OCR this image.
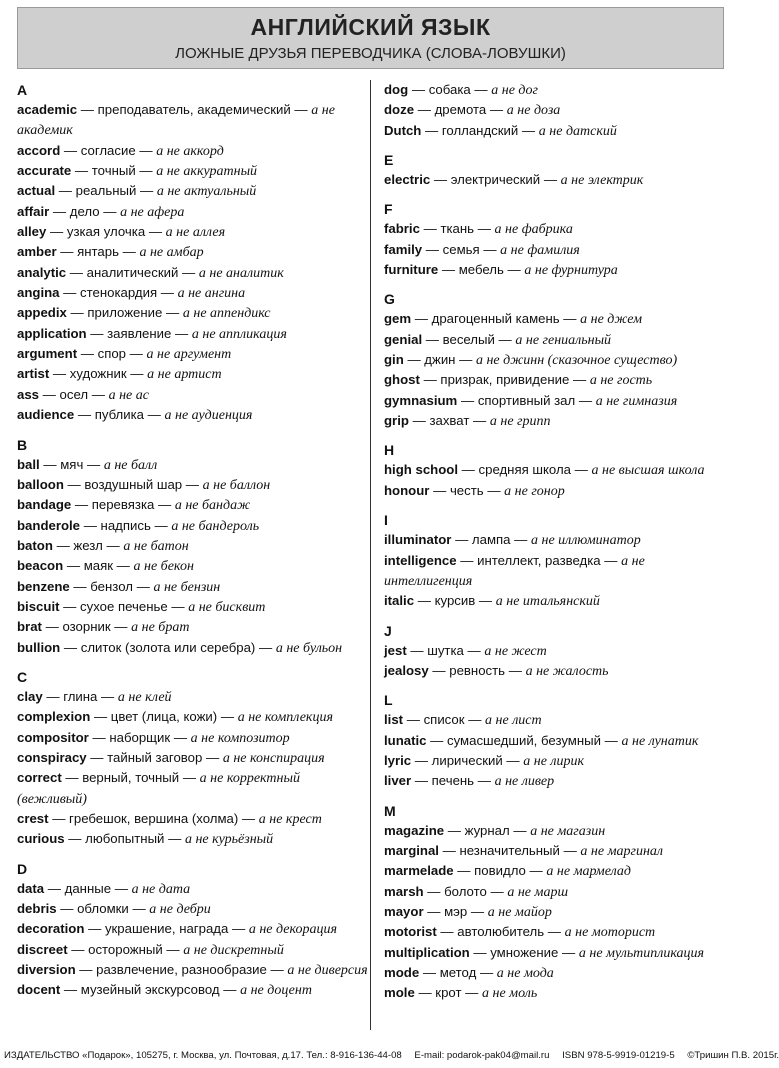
АНГЛИЙСКИЙ ЯЗЫК
ЛОЖНЫЕ ДРУЗЬЯ ПЕРЕВОДЧИКА (СЛОВА-ЛОВУШКИ)
A
academic — преподаватель, академический — а не академик
accord — согласие — а не аккорд
accurate — точный — а не аккуратный
actual — реальный — а не актуальный
affair — дело — а не афера
alley — узкая улочка — а не аллея
amber — янтарь — а не амбар
analytic — аналитический — а не аналитик
angina — стенокардия — а не ангина
appedix — приложение — а не аппендикс
application — заявление — а не аппликация
argument — спор — а не аргумент
artist — художник — а не артист
ass — осел — а не ас
audience — публика — а не аудиенция
B
ball — мяч — а не балл
balloon — воздушный шар — а не баллон
bandage — перевязка — а не бандаж
banderole — надпись — а не бандероль
baton — жезл — а не батон
beacon — маяк — а не бекон
benzene — бензол — а не бензин
biscuit — сухое печенье — а не бисквит
brat — озорник — а не брат
bullion — слиток (золота или серебра) — а не бульон
C
clay — глина — а не клей
complexion — цвет (лица, кожи) — а не комплекция
compositor — наборщик — а не композитор
conspiracy — тайный заговор — а не конспирация
correct — верный, точный — а не корректный (вежливый)
crest — гребешок, вершина (холма) — а не крест
curious — любопытный — а не курьёзный
D
data — данные — а не дата
debris — обломки — а не дебри
decoration — украшение, награда — а не декорация
discreet — осторожный — а не дискретный
diversion — развлечение, разнообразие — а не диверсия
docent — музейный экскурсовод — а не доцент
dog — собака — а не дог
doze — дремота — а не доза
Dutch — голландский — а не датский
E
electric — электрический — а не электрик
F
fabric — ткань — а не фабрика
family — семья — а не фамилия
furniture — мебель — а не фурнитура
G
gem — драгоценный камень — а не джем
genial — веселый — а не гениальный
gin — джин — а не джинн (сказочное существо)
ghost — призрак, привидение — а не гость
gymnasium — спортивный зал — а не гимназия
grip — захват — а не грипп
H
high school — средняя школа — а не высшая школа
honour — честь — а не гонор
I
illuminator — лампа — а не иллюминатор
intelligence — интеллект, разведка — а не интеллигенция
italic — курсив — а не итальянский
J
jest — шутка — а не жест
jealosy — ревность — а не жалость
L
list — список — а не лист
lunatic — сумасшедший, безумный — а не лунатик
lyric — лирический — а не лирик
liver — печень — а не ливер
M
magazine — журнал — а не магазин
marginal — незначительный — а не маргинал
marmelade — повидло — а не мармелад
marsh — болото — а не марш
mayor — мэр — а не майор
motorist — автолюбитель — а не моторист
multiplication — умножение — а не мультипликация
mode — метод — а не мода
mole — крот — а не моль
ИЗДАТЕЛЬСТВО «Подарок», 105275, г. Москва, ул. Почтовая, д.17. Тел.: 8-916-136-44-08 E-mail: podarok-pak04@mail.ru ISBN 978-5-9919-01219-5 ©Тришин П.В. 2015г.
